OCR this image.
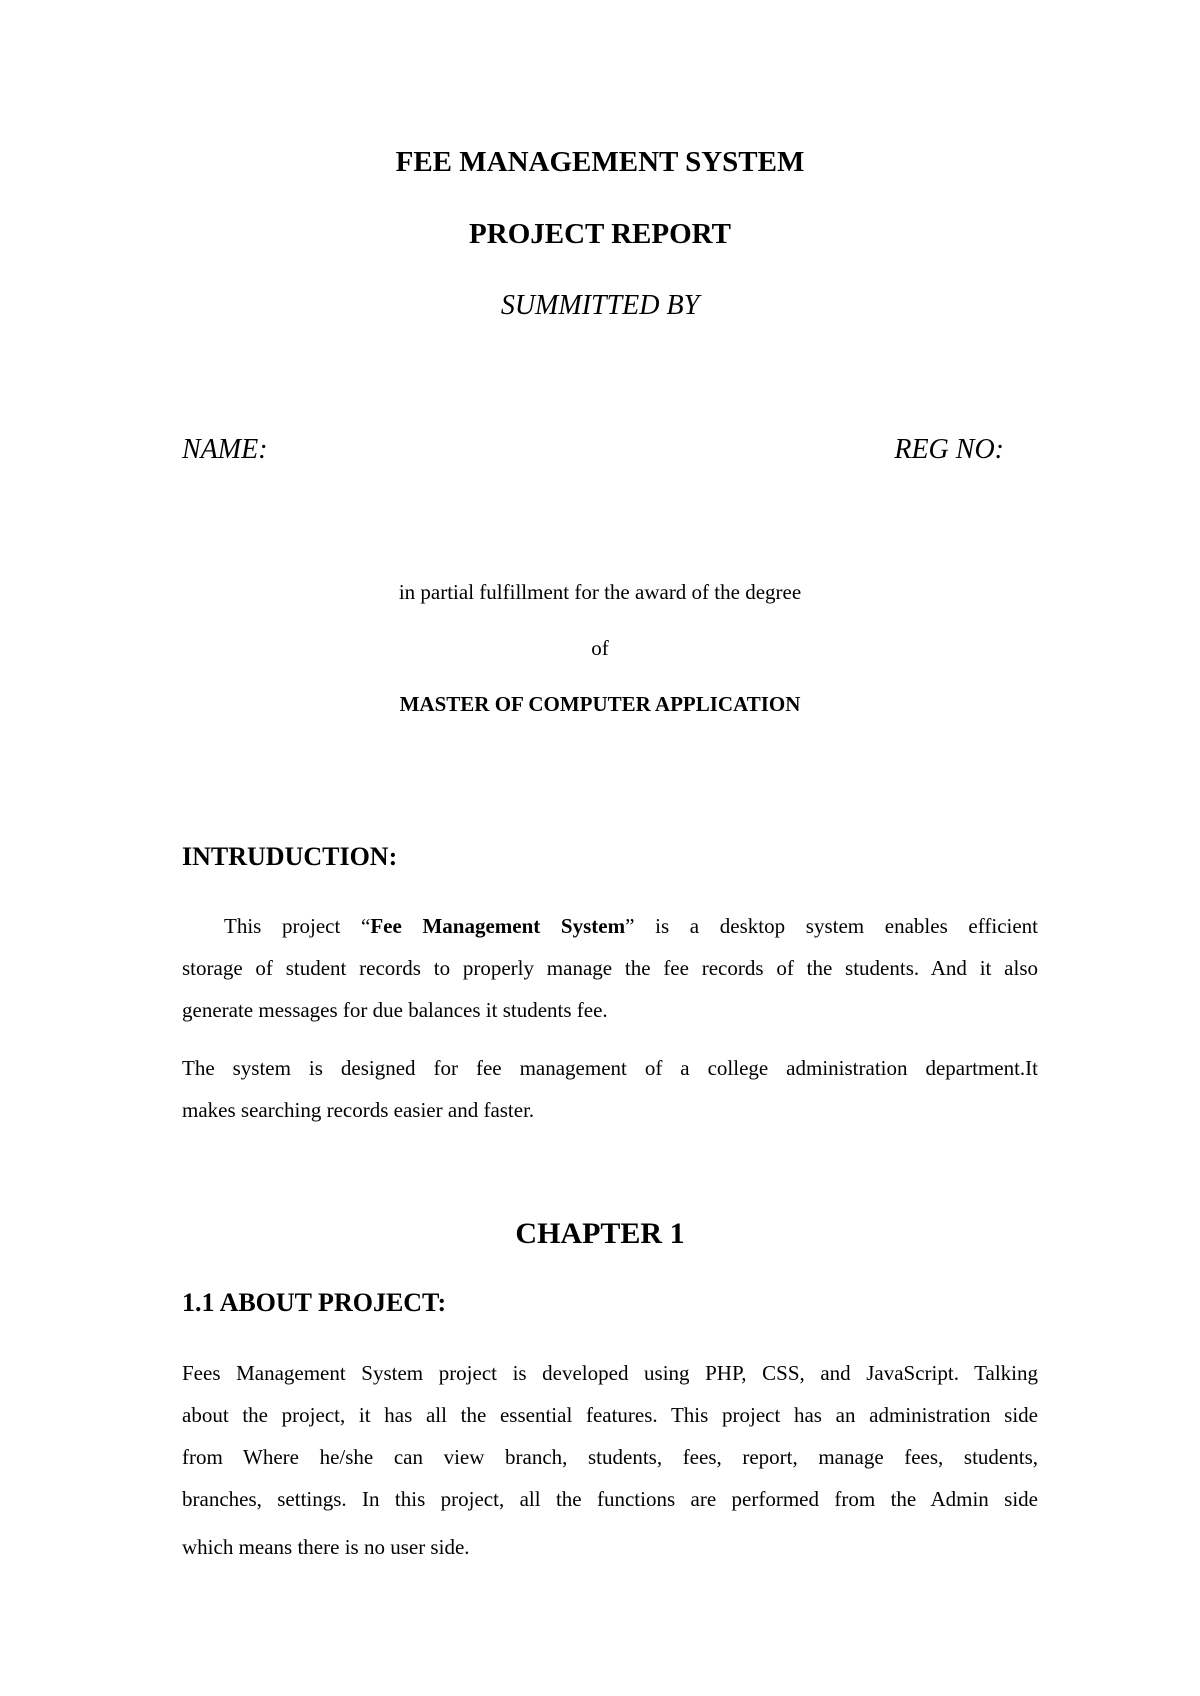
FEE MANAGEMENT SYSTEM
PROJECT REPORT
SUMMITTED BY
NAME:	REG NO:
in partial fulfillment for the award of the degree
of
MASTER OF COMPUTER APPLICATION
INTRUDUCTION:
This project “Fee Management System” is a desktop system enables efficient
storage of student records to properly manage the fee records of the students. And it also
generate messages for due balances it students fee.
The system is designed for fee management of a college administration department.It
makes searching records easier and faster.
CHAPTER 1
1.1 ABOUT PROJECT:
Fees Management System project is developed using PHP, CSS, and JavaScript. Talking
about the project, it has all the essential features. This project has an administration side
from Where he/she can view branch, students, fees, report, manage fees, students,
branches, settings. In this project, all the functions are performed from the Admin side
which means there is no user side.
